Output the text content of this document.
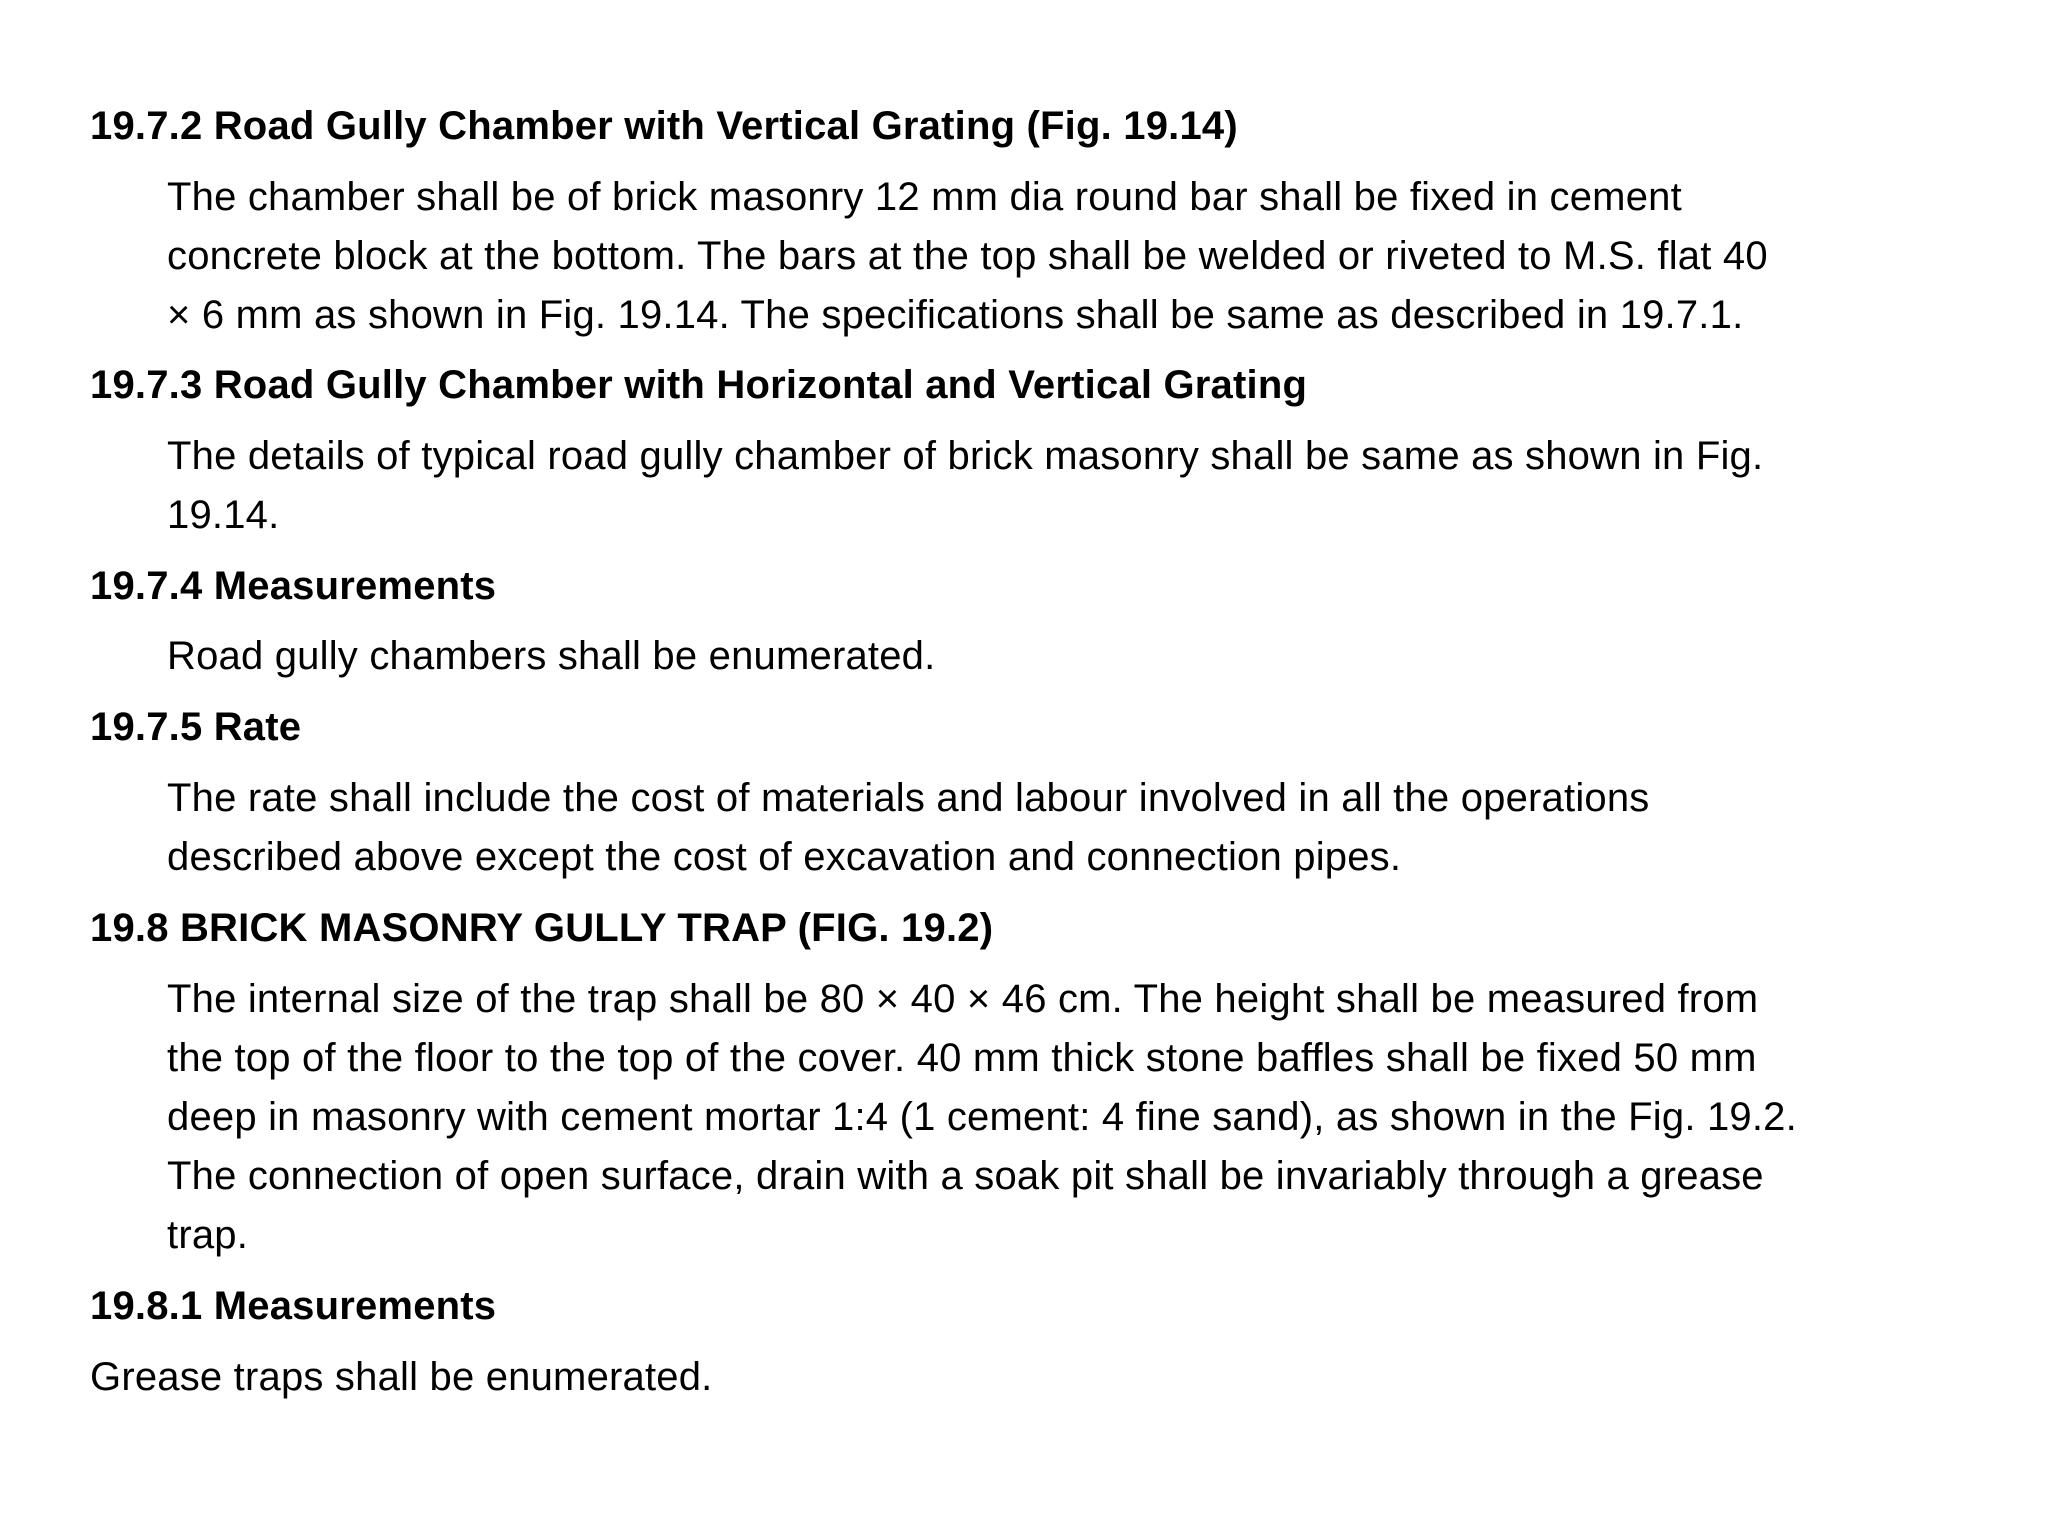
19.7.2 Road Gully Chamber with Vertical Grating (Fig. 19.14)
The chamber shall be of brick masonry 12 mm dia round bar shall be fixed in cement
concrete block at the bottom. The bars at the top shall be welded or riveted to M.S. flat 40
× 6 mm as shown in Fig. 19.14. The specifications shall be same as described in 19.7.1.
19.7.3 Road Gully Chamber with Horizontal and Vertical Grating
The details of typical road gully chamber of brick masonry shall be same as shown in Fig.
19.14.
19.7.4 Measurements
Road gully chambers shall be enumerated.
19.7.5 Rate
The rate shall include the cost of materials and labour involved in all the operations
described above except the cost of excavation and connection pipes.
19.8 BRICK MASONRY GULLY TRAP (FIG. 19.2)
The internal size of the trap shall be 80 × 40 × 46 cm. The height shall be measured from
the top of the floor to the top of the cover. 40 mm thick stone baffles shall be fixed 50 mm
deep in masonry with cement mortar 1:4 (1 cement: 4 fine sand), as shown in the Fig. 19.2.
The connection of open surface, drain with a soak pit shall be invariably through a grease
trap.
19.8.1 Measurements
Grease traps shall be enumerated.
